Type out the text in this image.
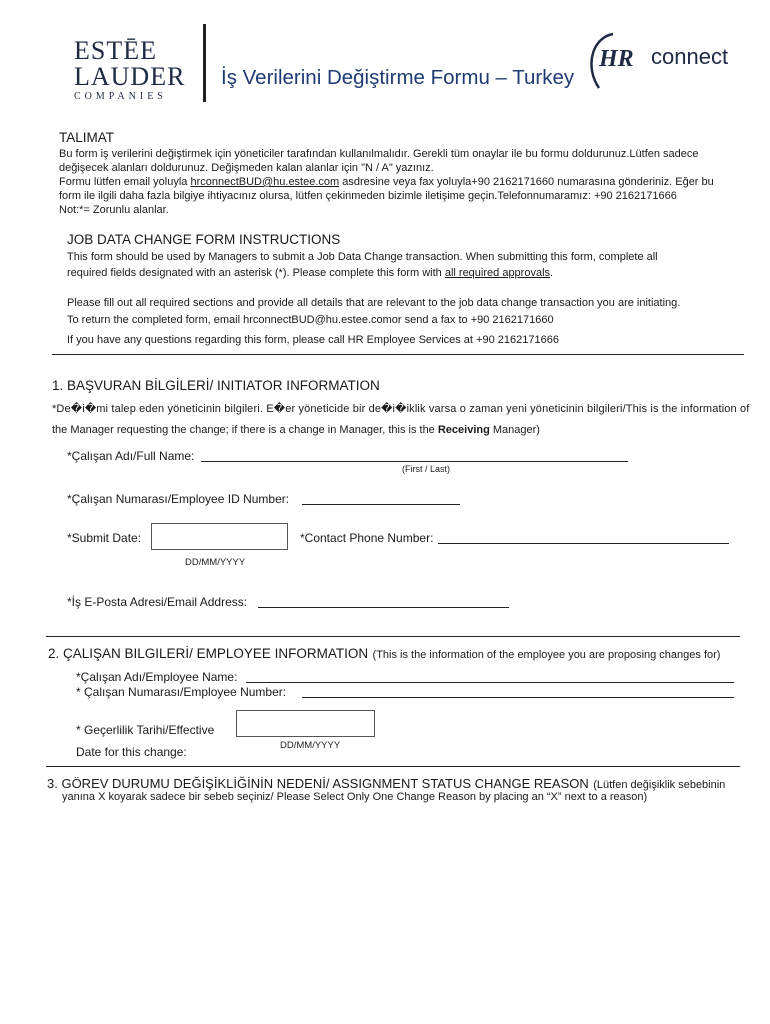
ESTĒE
LAUDER
COMPANIES
İş Verilerini Değiştirme Formu – Turkey
HR connect
TALIMAT
Bu form iş verilerini değiştirmek için yöneticiler tarafından kullanılmalıdır. Gerekli tüm onaylar ile bu formu doldurunuz.Lütfen sadece
değişecek alanları doldurunuz. Değişmeden kalan alanlar için "N / A" yazınız.
Formu lütfen email yoluyla hrconnectBUD@hu.estee.com asdresine veya fax yoluyla+90 2162171660 numarasına gönderiniz. Eğer bu
form ile ilgili daha fazla bilgiye ihtiyacınız olursa, lütfen çekinmeden bizimle iletişime geçin.Telefonnumaramız: +90 2162171666
Not:*= Zorunlu alanlar.
JOB DATA CHANGE FORM INSTRUCTIONS
This form should be used by Managers to submit a Job Data Change transaction. When submitting this form, complete all
required fields designated with an asterisk (*). Please complete this form with all required approvals.
Please fill out all required sections and provide all details that are relevant to the job data change transaction you are initiating.
To return the completed form, email hrconnectBUD@hu.estee.comor send a fax to +90 2162171660
If you have any questions regarding this form, please call HR Employee Services at +90 2162171666
1. BAŞVURAN BİLGİLERİ/ INITIATOR INFORMATION
*De�i�mi talep eden yöneticinin bilgileri. E�er yöneticide bir de�i�iklik varsa o zaman yeni yöneticinin bilgileri/This is the information of
the Manager requesting the change; if there is a change in Manager, this is the Receiving Manager)
*Çalışan Adı/Full Name:
(First / Last)
*Çalışan Numarası/Employee ID Number:
*Submit Date:
DD/MM/YYYY
*Contact Phone Number:
*İş E-Posta Adresi/Email Address:
2. ÇALIŞAN BILGILERİ/ EMPLOYEE INFORMATION (This is the information of the employee you are proposing changes for)
*Çalışan Adı/Employee Name:
* Çalışan Numarası/Employee Number:
* Geçerlilik Tarihi/Effective
Date for this change:	DD/MM/YYYY
3. GÖREV DURUMU DEĞİŞİKLİĞİNİN NEDENİ/ ASSIGNMENT STATUS CHANGE REASON (Lütfen değişiklik sebebinin
yanına X koyarak sadece bir sebeb seçiniz/ Please Select Only One Change Reason by placing an “X” next to a reason)
